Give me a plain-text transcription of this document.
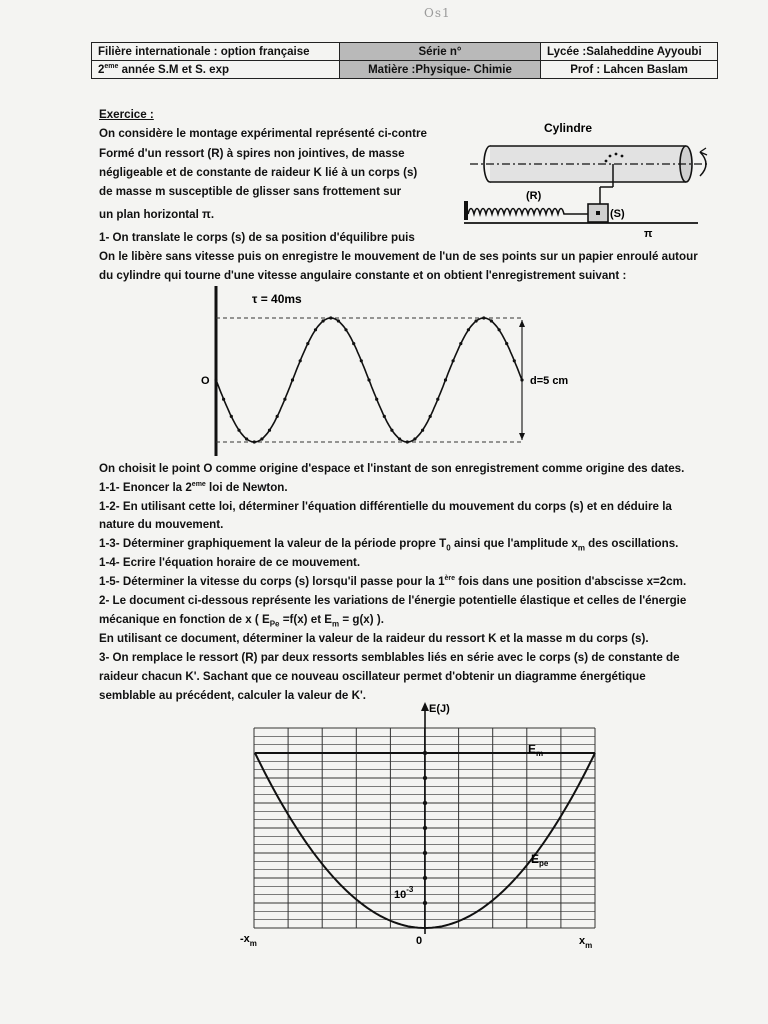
Os1
Filière internationale : option française	Série n°	Lycée :Salaheddine Ayyoubi
2eme année S.M et S. exp	Matière :Physique- Chimie	Prof : Lahcen Baslam
Exercice :
On considère le montage expérimental représenté ci-contre
Formé d'un ressort (R) à spires non jointives, de masse
négligeable et de constante de raideur K lié à un corps (s)
de masse m susceptible de glisser sans frottement sur
un plan horizontal π.
1- On translate le corps (s) de sa position d'équilibre puis
On le libère sans vitesse puis on enregistre le mouvement de l'un de ses points sur un papier enroulé autour
du cylindre qui tourne d'une vitesse angulaire constante et on obtient l'enregistrement suivant :
Cylindre
(R)
(S)
π
τ = 40ms
O	d=5 cm
On choisit le point O comme origine d'espace et l'instant de son enregistrement comme origine des dates.
1-1- Enoncer la 2eme loi de Newton.
1-2- En utilisant cette loi, déterminer l'équation différentielle du mouvement du corps (s) et en déduire la
nature du mouvement.
1-3- Déterminer graphiquement la valeur de la période propre $T_0$ ainsi que l'amplitude $x_m$ des oscillations.
1-4- Ecrire l'équation horaire de ce mouvement.
1-5- Déterminer la vitesse du corps (s) lorsqu'il passe pour la 1ère fois dans une position d'abscisse x=2cm.
2- Le document ci-dessous représente les variations de l'énergie potentielle élastique et celles de l'énergie
mécanique en fonction de x ( $E_{Pe} =f(x)$ et $E_m = g(x)$ ).
En utilisant ce document, déterminer la valeur de la raideur du ressort K et la masse m du corps (s).
3- On remplace le ressort (R) par deux ressorts semblables liés en série avec le corps (s) de constante de
raideur chacun K'. Sachant que ce nouveau oscillateur permet d'obtenir un diagramme énergétique
semblable au précédent, calculer la valeur de K'.
E(J)
$E_m$
$E_{pe}$
$10^{-3}$
$-x_m$	0	$x_m$
